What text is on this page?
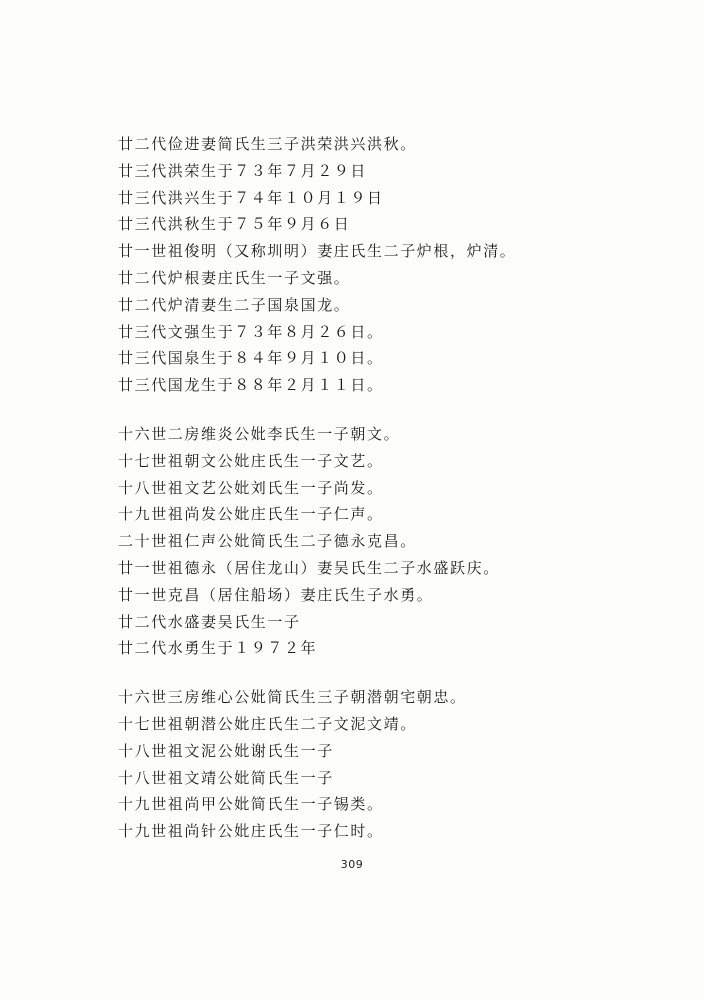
廿二代俭进妻简氏生三子洪荣洪兴洪秋。
廿三代洪荣生于７３年７月２９日
廿三代洪兴生于７４年１０月１９日
廿三代洪秋生于７５年９月６日
廿一世祖俊明（又称圳明）妻庄氏生二子炉根，炉清。
廿二代炉根妻庄氏生一子文强。
廿二代炉清妻生二子国泉国龙。
廿三代文强生于７３年８月２６日。
廿三代国泉生于８４年９月１０日。
廿三代国龙生于８８年２月１１日。
十六世二房维炎公妣李氏生一子朝文。
十七世祖朝文公妣庄氏生一子文艺。
十八世祖文艺公妣刘氏生一子尚发。
十九世祖尚发公妣庄氏生一子仁声。
二十世祖仁声公妣简氏生二子德永克昌。
廿一世祖德永（居住龙山）妻吴氏生二子水盛跃庆。
廿一世克昌（居住船场）妻庄氏生子水勇。
廿二代水盛妻吴氏生一子
廿二代水勇生于１９７２年
十六世三房维心公妣简氏生三子朝潜朝宅朝忠。
十七世祖朝潜公妣庄氏生二子文泥文靖。
十八世祖文泥公妣谢氏生一子
十八世祖文靖公妣简氏生一子
十九世祖尚甲公妣简氏生一子锡类。
十九世祖尚针公妣庄氏生一子仁时。
309
